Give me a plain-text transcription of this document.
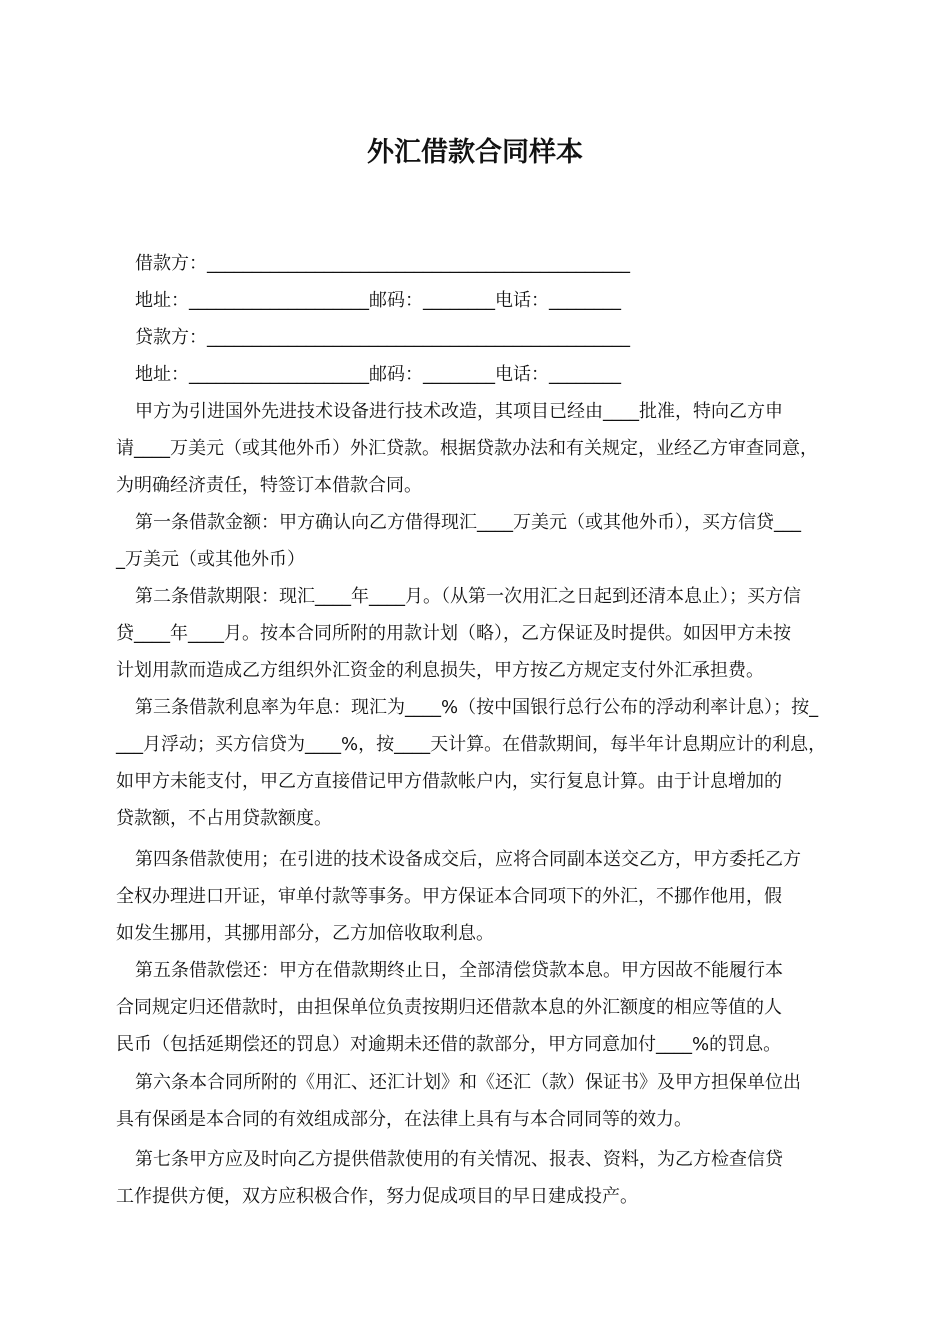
外汇借款合同样本
借款方：_______________________________________________
地址：____________________邮码：________电话：________
贷款方：_______________________________________________
地址：____________________邮码：________电话：________
甲方为引进国外先进技术设备进行技术改造，其项目已经由____批准，特向乙方申
请____万美元（或其他外币）外汇贷款。根据贷款办法和有关规定，业经乙方审查同意，
为明确经济责任，特签订本借款合同。
第一条借款金额：甲方确认向乙方借得现汇____万美元（或其他外币），买方信贷___
_万美元（或其他外币）
第二条借款期限：现汇____年____月。（从第一次用汇之日起到还清本息止）；买方信
贷____年____月。按本合同所附的用款计划（略），乙方保证及时提供。如因甲方未按
计划用款而造成乙方组织外汇资金的利息损失，甲方按乙方规定支付外汇承担费。
第三条借款利息率为年息：现汇为____%（按中国银行总行公布的浮动利率计息）；按_
___月浮动；买方信贷为____%，按____天计算。在借款期间，每半年计息期应计的利息，
如甲方未能支付，甲乙方直接借记甲方借款帐户内，实行复息计算。由于计息增加的
贷款额，不占用贷款额度。
第四条借款使用；在引进的技术设备成交后，应将合同副本送交乙方，甲方委托乙方
全权办理进口开证，审单付款等事务。甲方保证本合同项下的外汇，不挪作他用，假
如发生挪用，其挪用部分，乙方加倍收取利息。
第五条借款偿还：甲方在借款期终止日，全部清偿贷款本息。甲方因故不能履行本
合同规定归还借款时，由担保单位负责按期归还借款本息的外汇额度的相应等值的人
民币（包括延期偿还的罚息）对逾期未还借的款部分，甲方同意加付____%的罚息。
第六条本合同所附的《用汇、还汇计划》和《还汇（款）保证书》及甲方担保单位出
具有保函是本合同的有效组成部分，在法律上具有与本合同同等的效力。
第七条甲方应及时向乙方提供借款使用的有关情况、报表、资料，为乙方检查信贷
工作提供方便，双方应积极合作，努力促成项目的早日建成投产。
